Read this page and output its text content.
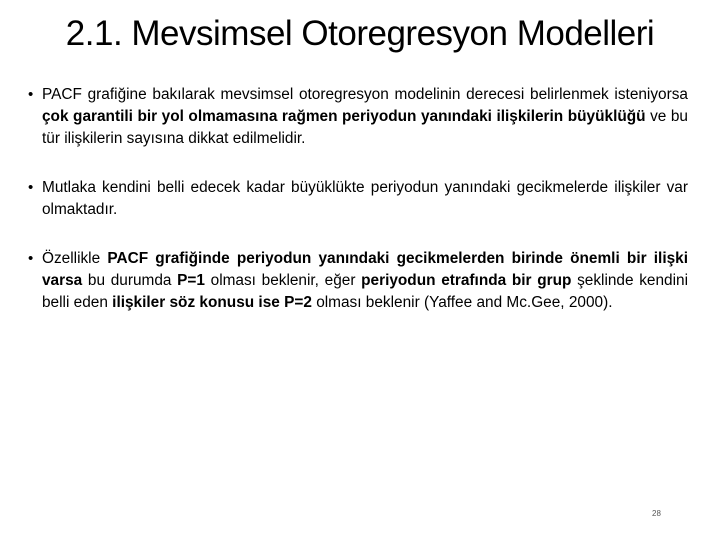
2.1. Mevsimsel Otoregresyon Modelleri
• PACF grafiğine bakılarak mevsimsel otoregresyon modelinin derecesi belirlenmek isteniyorsa çok garantili bir yol olmamasına rağmen periyodun yanındaki ilişkilerin büyüklüğü ve bu tür ilişkilerin sayısına dikkat edilmelidir.
• Mutlaka kendini belli edecek kadar büyüklükte periyodun yanındaki gecikmelerde ilişkiler var olmaktadır.
• Özellikle PACF grafiğinde periyodun yanındaki gecikmelerden birinde önemli bir ilişki varsa bu durumda P=1 olması beklenir, eğer periyodun etrafında bir grup şeklinde kendini belli eden ilişkiler söz konusu ise P=2 olması beklenir (Yaffee and Mc.Gee, 2000).
28
